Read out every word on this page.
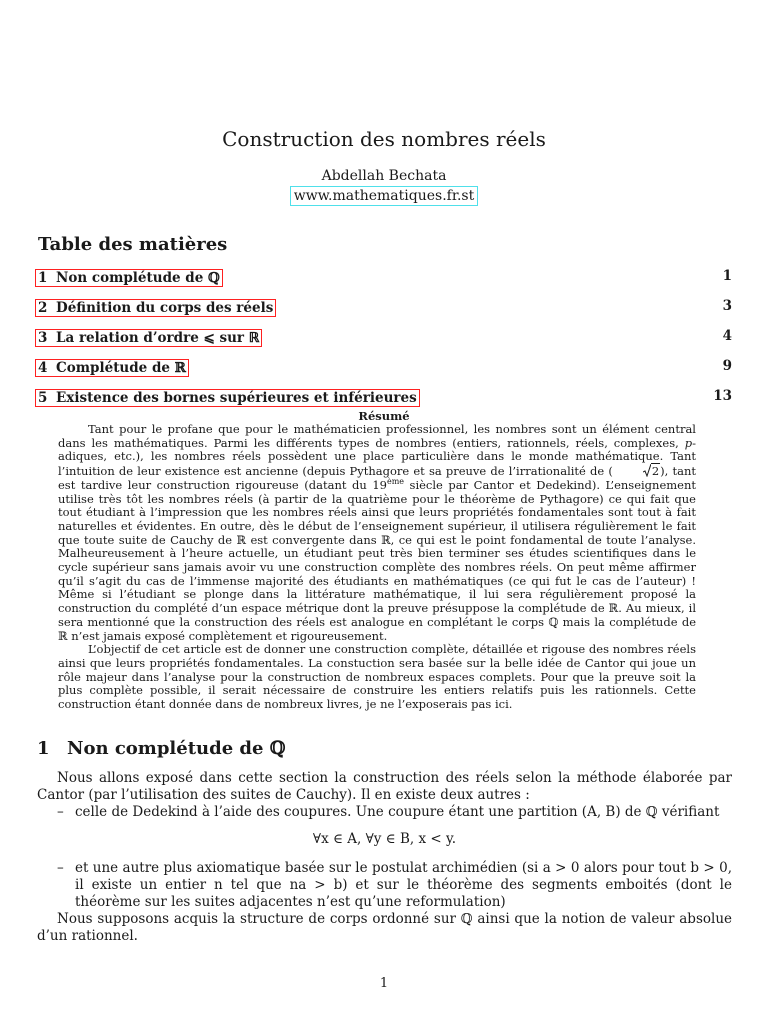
Construction des nombres réels
Abdellah Bechata
www.mathematiques.fr.st
Table des matières
1 Non complétude de ℚ	1
2 Définition du corps des réels	3
3 La relation d’ordre ⩽ sur ℝ	4
4 Complétude de ℝ	9
5 Existence des bornes supérieures et inférieures	13
Résumé

Tant pour le profane que pour le mathématicien professionnel, les nombres sont un élément central dans les mathématiques. Parmi les différents types de nombres (entiers, rationnels, réels, complexes, p-adiques, etc.), les nombres réels possèdent une place particulière dans le monde mathématique. Tant l’intuition de leur existence est ancienne (depuis Pythagore et sa preuve de l’irrationalité de (	2), tant est tardive leur construction rigoureuse (datant du 19ème siècle par Cantor et Dedekind). L’enseignement utilise très tôt les nombres réels (à partir de la quatrième pour le théorème de Pythagore) ce qui fait que tout étudiant à l’impression que les nombres réels ainsi que leurs propriétés fondamentales sont tout à fait naturelles et évidentes. En outre, dès le début de l’enseignement supérieur, il utilisera régulièrement le fait que toute suite de Cauchy de ℝ est convergente dans ℝ, ce qui est le point fondamental de toute l’analyse. Malheureusement à l’heure actuelle, un étudiant peut très bien terminer ses études scientifiques dans le cycle supérieur sans jamais avoir vu une construction complète des nombres réels. On peut même affirmer qu’il s’agit du cas de l’immense majorité des étudiants en mathématiques (ce qui fut le cas de l’auteur) ! Même si l’étudiant se plonge dans la littérature mathématique, il lui sera régulièrement proposé la construction du complété d’un espace métrique dont la preuve présuppose la complétude de ℝ. Au mieux, il sera mentionné que la construction des réels est analogue en complétant le corps ℚ mais la complétude de ℝ n’est jamais exposé complètement et rigoureusement.

L’objectif de cet article est de donner une construction complète, détaillée et rigouse des nombres réels ainsi que leurs propriétés fondamentales. La constuction sera basée sur la belle idée de Cantor qui joue un rôle majeur dans l’analyse pour la construction de nombreux espaces complets. Pour que la preuve soit la plus complète possible, il serait nécessaire de construire les entiers relatifs puis les rationnels. Cette construction étant donnée dans de nombreux livres, je ne l’exposerais pas ici.

1 Non complétude de ℚ

Nous allons exposé dans cette section la construction des réels selon la méthode élaborée par Cantor (par l’utilisation des suites de Cauchy). Il en existe deux autres :

– celle de Dedekind à l’aide des coupures. Une coupure étant une partition (A, B) de ℚ vérifiant
∀x ∈ A, ∀y ∈ B, x < y.
– et une autre plus axiomatique basée sur le postulat archimédien (si a > 0 alors pour tout b > 0, il existe un entier n tel que na > b) et sur le théorème des segments emboités (dont le théorème sur les suites adjacentes n’est qu’une reformulation)

Nous supposons acquis la structure de corps ordonné sur ℚ ainsi que la notion de valeur absolue d’un rationnel.

1
